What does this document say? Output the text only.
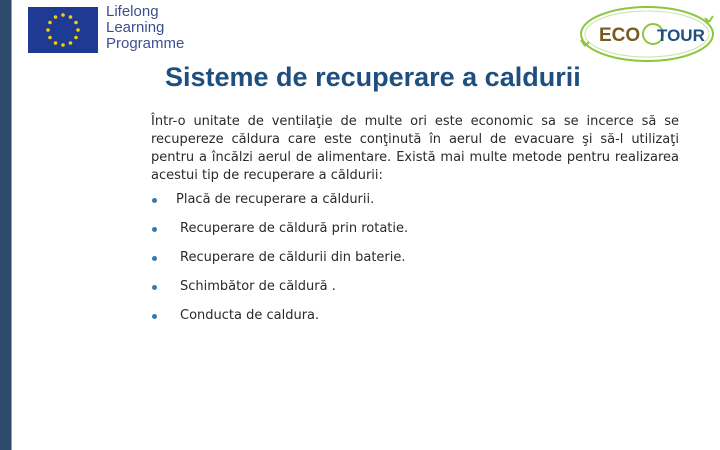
Lifelong
Learning
Programme	ECO TOUR
Sisteme de recuperare a caldurii
Într-o unitate de ventilaţie de multe ori este economic sa se incerce să se recupereze căldura care este conţinută în aerul de evacuare şi să-l utilizaţi pentru a încălzi aerul de alimentare. Există mai multe metode pentru realizarea acestui tip de recuperare a căldurii:
Placă de recuperare a căldurii.
Recuperare de căldură prin rotatie.
Recuperare de căldurii din baterie.
Schimbător de căldură .
Conducta de caldura.
